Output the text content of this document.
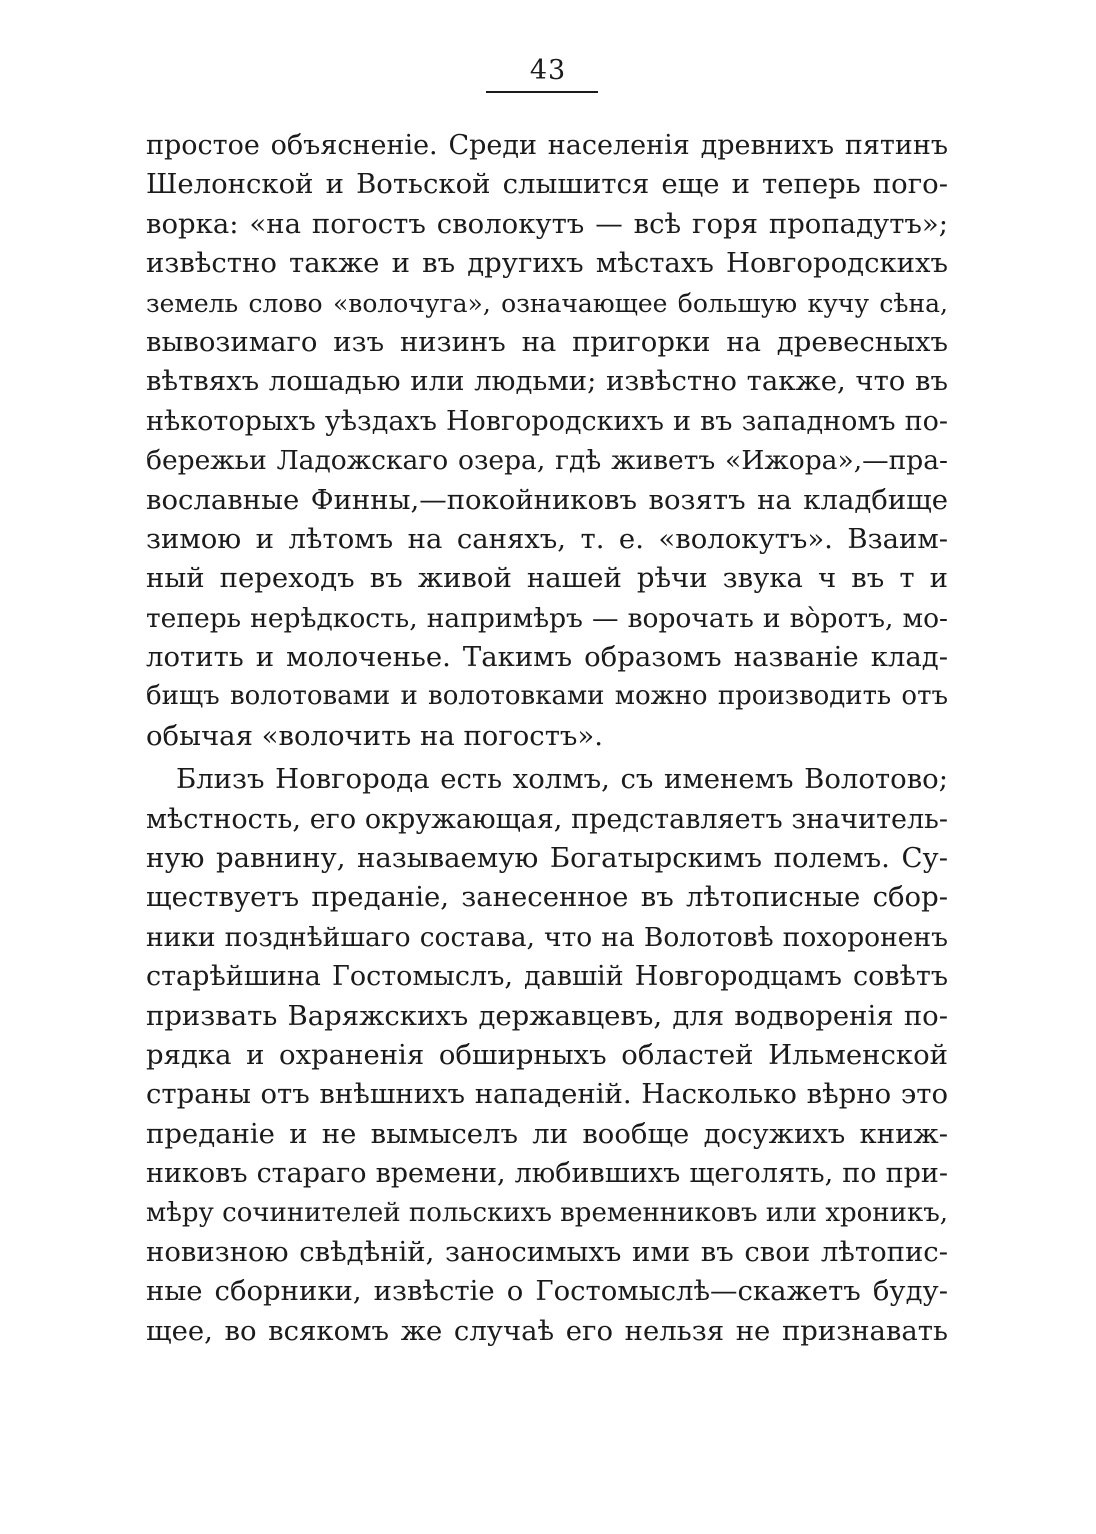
43
простое объясненіе. Среди населенія древнихъ пятинъ
Шелонской и Вотьской слышится еще и теперь пого-
ворка: «на погостъ сволокутъ — всѣ горя пропадутъ»;
извѣстно также и въ другихъ мѣстахъ Новгородскихъ
земель слово «волочуга», означающее большую кучу сѣна,
вывозимаго изъ низинъ на пригорки на древесныхъ
вѣтвяхъ лошадью или людьми; извѣстно также, что въ
нѣкоторыхъ уѣздахъ Новгородскихъ и въ западномъ по-
бережьи Ладожскаго озера, гдѣ живетъ «Ижора»,—пра-
вославные Финны,—покойниковъ возятъ на кладбище
зимою и лѣтомъ на саняхъ, т. е. «волокутъ». Взаим-
ный переходъ въ живой нашей рѣчи звука ч въ т и
теперь нерѣдкость, напримѣръ — ворочать и вòротъ, мо-
лотить и молоченье. Такимъ образомъ названіе клад-
бищъ волотовами и волотовками можно производить отъ
обычая «волочить на погостъ».
Близъ Новгорода есть холмъ, съ именемъ Волотово;
мѣстность, его окружающая, представляетъ значитель-
ную равнину, называемую Богатырскимъ полемъ. Су-
ществуетъ преданіе, занесенное въ лѣтописные сбор-
ники позднѣйшаго состава, что на Волотовѣ похороненъ
старѣйшина Гостомыслъ, давшій Новгородцамъ совѣтъ
призвать Варяжскихъ державцевъ, для водворенія по-
рядка и охраненія обширныхъ областей Ильменской
страны отъ внѣшнихъ нападеній. Насколько вѣрно это
преданіе и не вымыселъ ли вообще досужихъ книж-
никовъ стараго времени, любившихъ щеголять, по при-
мѣру сочинителей польскихъ временниковъ или хроникъ,
новизною свѣдѣній, заносимыхъ ими въ свои лѣтопис-
ные сборники, извѣстіе о Гостомыслѣ—скажетъ буду-
щее, во всякомъ же случаѣ его нельзя не признавать
